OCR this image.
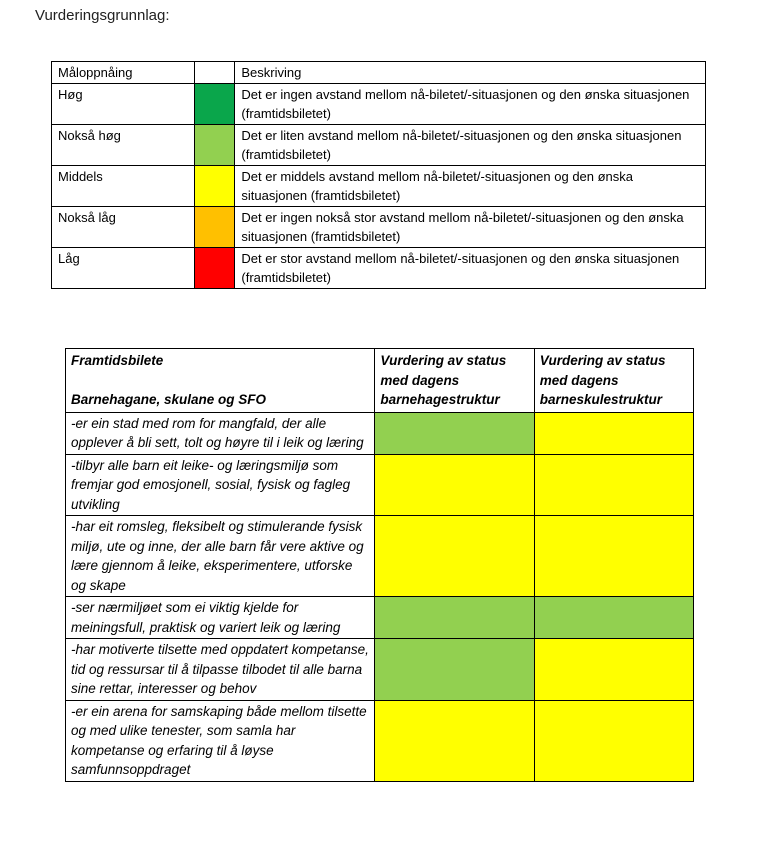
Vurderingsgrunnlag:
Måloppnåing		Beskriving
Høg		Det er ingen avstand mellom nå-biletet/-situasjonen og den ønska situasjonen (framtidsbiletet)
Nokså høg		Det er liten avstand mellom nå-biletet/-situasjonen og den ønska situasjonen (framtidsbiletet)
Middels		Det er middels avstand mellom nå-biletet/-situasjonen og den ønska situasjonen (framtidsbiletet)
Nokså låg		Det er ingen nokså stor avstand mellom nå-biletet/-situasjonen og den ønska situasjonen (framtidsbiletet)
Låg		Det er stor avstand mellom nå-biletet/-situasjonen og den ønska situasjonen (framtidsbiletet)
Framtidsbilete
Barnehagane, skulane og SFO	Vurdering av status med dagens barnehagestruktur	Vurdering av status med dagens barneskulestruktur
-er ein stad med rom for mangfald, der alle opplever å bli sett, tolt og høyre til i leik og læring		
-tilbyr alle barn eit leike- og læringsmiljø som fremjar god emosjonell, sosial, fysisk og fagleg utvikling		
-har eit romsleg, fleksibelt og stimulerande fysisk miljø, ute og inne, der alle barn får vere aktive og lære gjennom å leike, eksperimentere, utforske og skape		
-ser nærmiljøet som ei viktig kjelde for meiningsfull, praktisk og variert leik og læring		
-har motiverte tilsette med oppdatert kompetanse, tid og ressursar til å tilpasse tilbodet til alle barna sine rettar, interesser og behov		
-er ein arena for samskaping både mellom tilsette og med ulike tenester, som samla har kompetanse og erfaring til å løyse samfunnsoppdraget		
